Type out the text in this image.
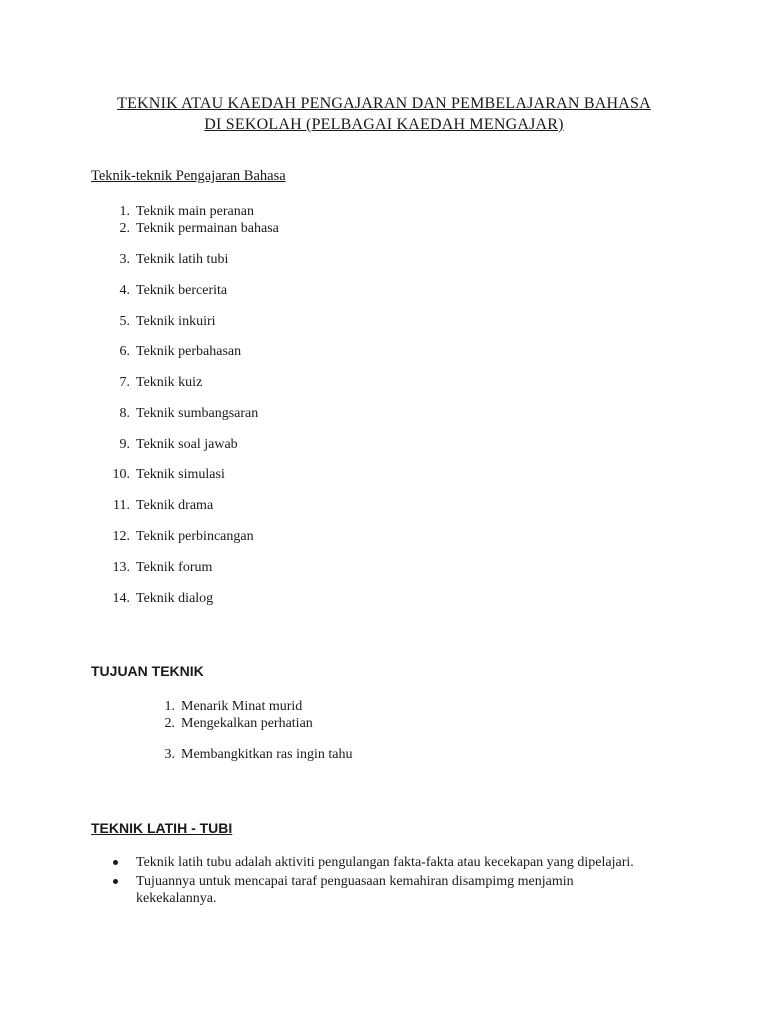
TEKNIK ATAU KAEDAH PENGAJARAN DAN PEMBELAJARAN BAHASA
DI SEKOLAH (PELBAGAI KAEDAH MENGAJAR)
Teknik-teknik Pengajaran Bahasa
1. Teknik main peranan
2. Teknik permainan bahasa
3. Teknik latih tubi
4. Teknik bercerita
5. Teknik inkuiri
6. Teknik perbahasan
7. Teknik kuiz
8. Teknik sumbangsaran
9. Teknik soal jawab
10. Teknik simulasi
11. Teknik drama
12. Teknik perbincangan
13. Teknik forum
14. Teknik dialog
TUJUAN TEKNIK
1. Menarik Minat murid
2. Mengekalkan perhatian
3. Membangkitkan ras ingin tahu
TEKNIK LATIH - TUBI
Teknik latih tubu adalah aktiviti pengulangan fakta-fakta atau kecekapan yang dipelajari.
Tujuannya untuk mencapai taraf penguasaan kemahiran disampimg menjamin
kekekalannya.
